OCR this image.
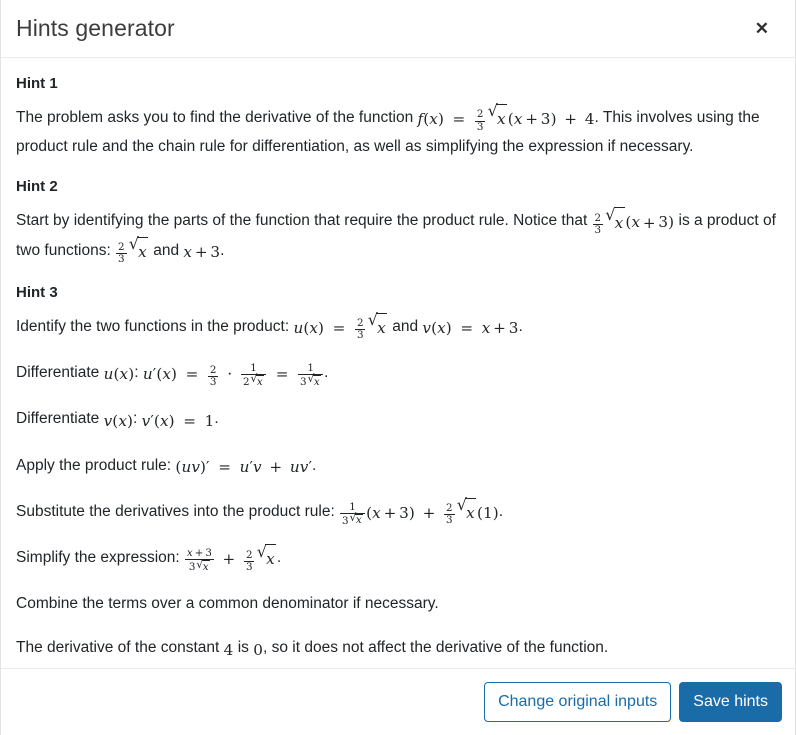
Hints generator	✕
Hint 1

The problem asks you to find the derivative of the function $f(x) = \frac{2}{3}$ √ x (x + 3) + 4. This involves using the product rule and the chain rule for differentiation, as well as simplifying the expression if necessary.

Hint 2

Start by identifying the parts of the function that require the product rule. Notice that $\frac{2}{3}$ √ x (x + 3) is a product of two functions: $\frac{2}{3}$ √ x and x + 3.

Hint 3

Identify the two functions in the product: $u(x) = \frac{2}{3}$ √ x and v(x) = x + 3.

Differentiate u(x): $u'(x) = \frac{2}{3} \cdot \frac{1}{2 √ x} = \frac{1}{3 √ x}$ .

Differentiate v(x): v′(x) = 1.

Apply the product rule: (uv)′ = u′v + uv′.

Substitute the derivatives into the product rule: $\frac{1}{3 √ x} (x + 3) + \frac{2}{3}$ √ x (1).

Simplify the expression: $\frac{x + 3}{3 √ x} + \frac{2}{3}$ √ x .

Combine the terms over a common denominator if necessary.

The derivative of the constant 4 is 0, so it does not affect the derivative of the function.

Change original inputs	Save hints
